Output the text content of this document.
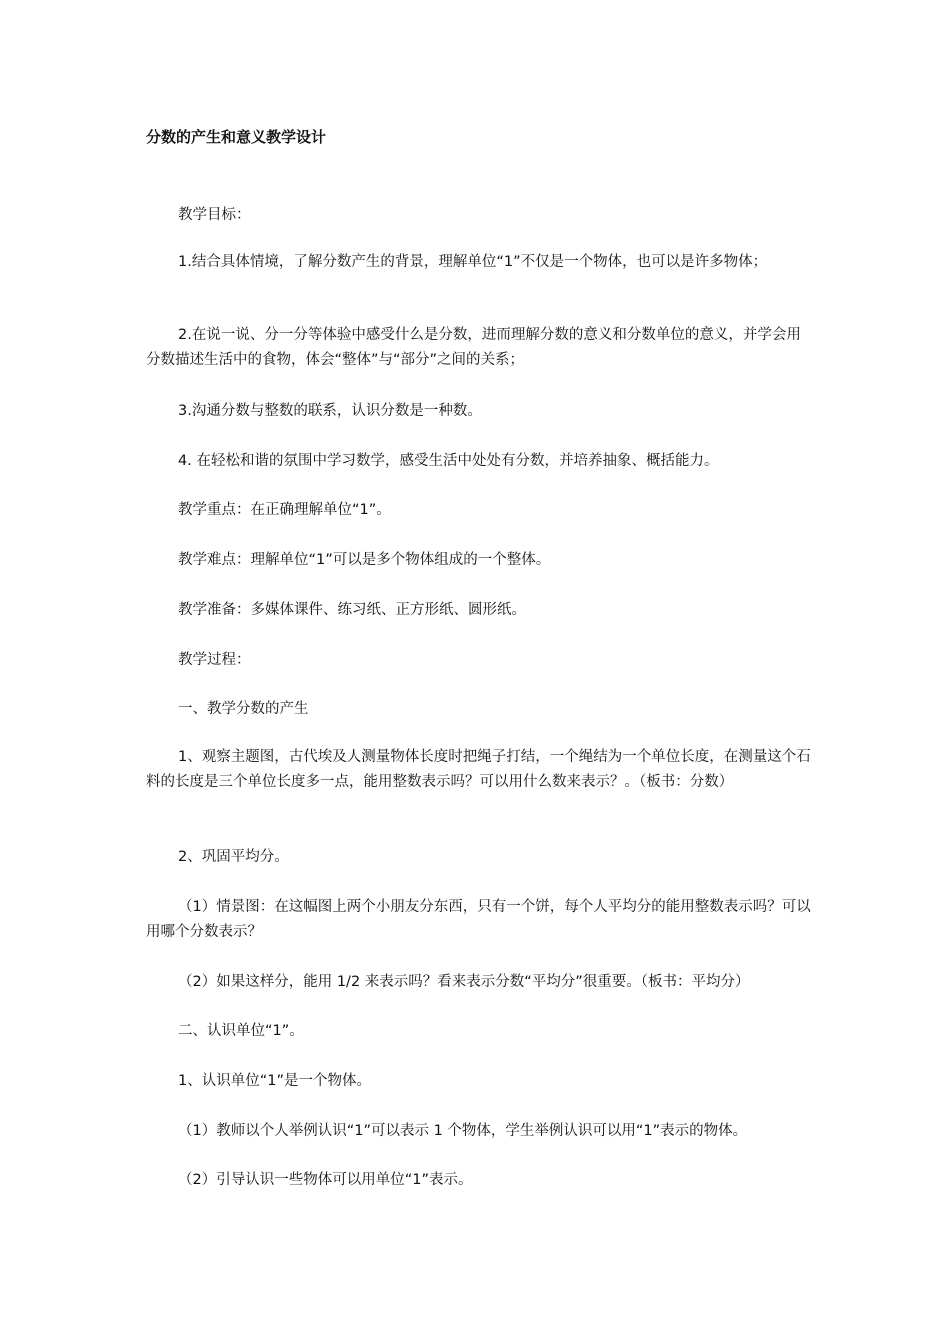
分数的产生和意义教学设计

教学目标：

1.结合具体情境，了解分数产生的背景，理解单位“1”不仅是一个物体，也可以是许多物体；

2.在说一说、分一分等体验中感受什么是分数，进而理解分数的意义和分数单位的意义，并学会用分数描述生活中的食物，体会“整体”与“部分”之间的关系；

3.沟通分数与整数的联系，认识分数是一种数。

4. 在轻松和谐的氛围中学习数学，感受生活中处处有分数，并培养抽象、概括能力。

教学重点：在正确理解单位“1”。

教学难点：理解单位“1”可以是多个物体组成的一个整体。

教学准备：多媒体课件、练习纸、正方形纸、圆形纸。

教学过程：

一、教学分数的产生

1、观察主题图，古代埃及人测量物体长度时把绳子打结，一个绳结为一个单位长度，在测量这个石料的长度是三个单位长度多一点，能用整数表示吗？可以用什么数来表示？。（板书：分数）

2、巩固平均分。

（1）情景图：在这幅图上两个小朋友分东西，只有一个饼，每个人平均分的能用整数表示吗？可以用哪个分数表示？

（2）如果这样分，能用 1/2 来表示吗？看来表示分数“平均分”很重要。（板书：平均分）

二、认识单位“1”。

1、认识单位“1”是一个物体。

（1）教师以个人举例认识“1”可以表示 1 个物体，学生举例认识可以用“1”表示的物体。

（2）引导认识一些物体可以用单位“1”表示。
